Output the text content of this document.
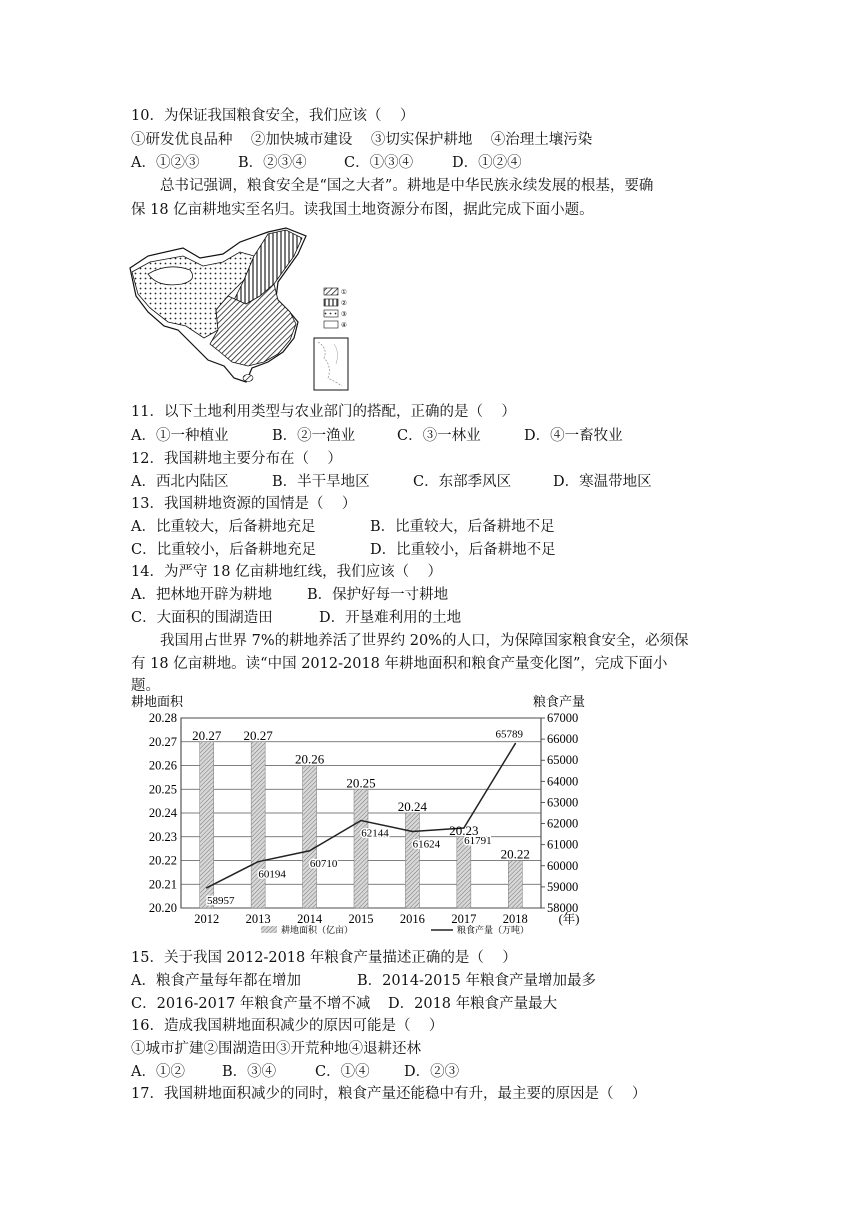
10．为保证我国粮食安全，我们应该（    ）
①研发优良品种    ②加快城市建设    ③切实保护耕地    ④治理土壤污染
A．①②③	B．②③④	C．①③④	D．①②④
总书记强调，粮食安全是“国之大者”。耕地是中华民族永续发展的根基，要确
保 18 亿亩耕地实至名归。读我国土地资源分布图，据此完成下面小题。
①
②
③
④
11．以下土地利用类型与农业部门的搭配，正确的是（    ）
A．①一种植业	B．②一渔业	C．③一林业	D．④一畜牧业
12．我国耕地主要分布在（    ）
A．西北内陆区	B．半干旱地区	C．东部季风区	D．寒温带地区
13．我国耕地资源的国情是（    ）
A．比重较大，后备耕地充足	B．比重较大，后备耕地不足
C．比重较小，后备耕地充足	D．比重较小，后备耕地不足
14．为严守 18 亿亩耕地红线，我们应该（    ）
A．把林地开辟为耕地 B．保护好每一寸耕地
C．大面积的围湖造田	D．开垦难利用的土地
我国用占世界 7%的耕地养活了世界约 20%的人口，为保障国家粮食安全，必须保
有 18 亿亩耕地。读“中国 2012-2018 年耕地面积和粮食产量变化图”，完成下面小
题。
20.20
20.21
20.22
20.23
20.24
20.25
20.26
20.27
20.28
58000
59000
60000
61000
62000
63000
64000
65000
66000
67000
耕地面积	粮食产量
2012 2013 2014 2015 2016 2017 2018 (年)
20.27 20.27
20.26
20.25
20.24
20.23
20.22
58957
60194
60710
62144
61624 61791
65789
耕地面积（亿亩）	粮食产量（万吨）
15．关于我国 2012-2018 年粮食产量描述正确的是（    ）
A．粮食产量每年都在增加	B．2014-2015 年粮食产量增加最多
C．2016-2017 年粮食产量不增不减 D．2018 年粮食产量最大
16．造成我国耕地面积减少的原因可能是（    ）
①城市扩建②围湖造田③开荒种地④退耕还林
A．①②	B．③④	C．①④ D．②③
17．我国耕地面积减少的同时，粮食产量还能稳中有升，最主要的原因是（    ）
